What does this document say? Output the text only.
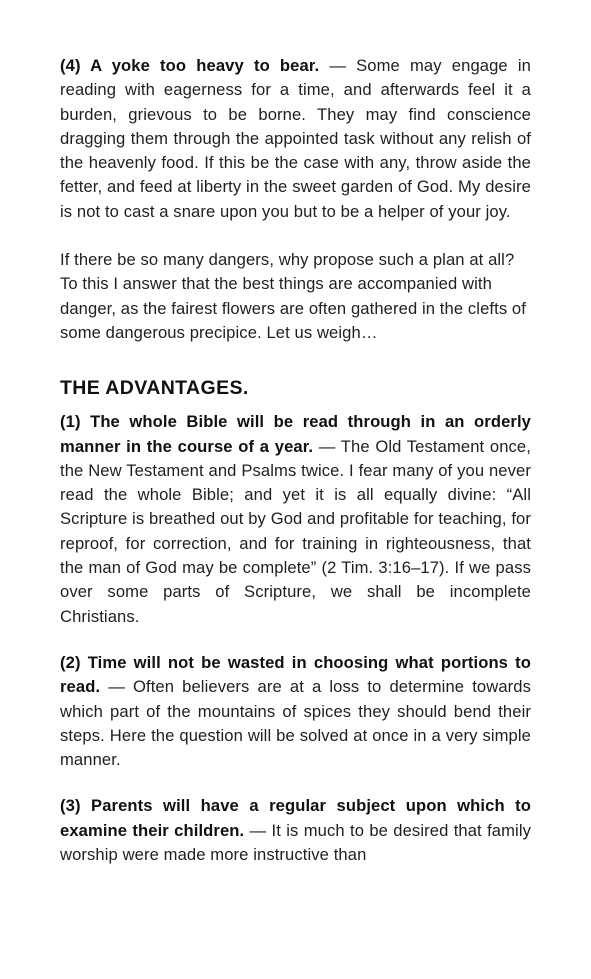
(4) A yoke too heavy to bear. — Some may engage in reading with eagerness for a time, and afterwards feel it a burden, grievous to be borne. They may find conscience dragging them through the appointed task without any relish of the heavenly food. If this be the case with any, throw aside the fetter, and feed at liberty in the sweet garden of God. My desire is not to cast a snare upon you but to be a helper of your joy.

If there be so many dangers, why propose such a plan at all? To this I answer that the best things are accompanied with danger, as the fairest flowers are often gathered in the clefts of some dangerous precipice. Let us weigh…

THE ADVANTAGES.

(1) The whole Bible will be read through in an orderly manner in the course of a year. — The Old Testament once, the New Testament and Psalms twice. I fear many of you never read the whole Bible; and yet it is all equally divine: “All Scripture is breathed out by God and profitable for teaching, for reproof, for correction, and for training in righteousness, that the man of God may be complete” (2 Tim. 3:16–17). If we pass over some parts of Scripture, we shall be incomplete Christians.

(2) Time will not be wasted in choosing what portions to read. — Often believers are at a loss to determine towards which part of the mountains of spices they should bend their steps. Here the question will be solved at once in a very simple manner.

(3) Parents will have a regular subject upon which to examine their children. — It is much to be desired that family worship were made more instructive than
